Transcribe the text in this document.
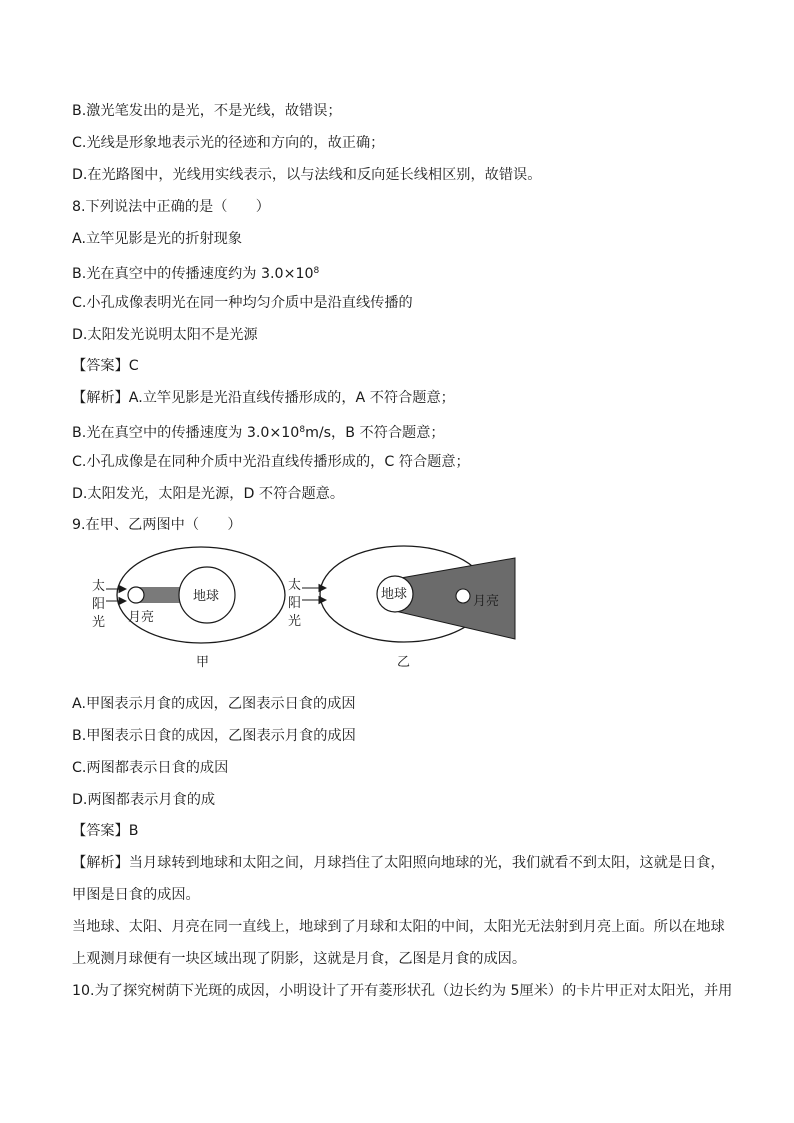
B.激光笔发出的是光，不是光线，故错误；
C.光线是形象地表示光的径迹和方向的，故正确；
D.在光路图中，光线用实线表示，以与法线和反向延长线相区别，故错误。
8.下列说法中正确的是（　　）
A.立竿见影是光的折射现象
B.光在真空中的传播速度约为 $3.0\times 10^8$
C.小孔成像表明光在同一种均匀介质中是沿直线传播的
D.太阳发光说明太阳不是光源
【答案】C
【解析】A.立竿见影是光沿直线传播形成的，A 不符合题意；
B.光在真空中的传播速度为 $3.0\times 10^8m/s$，B 不符合题意；
C.小孔成像是在同种介质中光沿直线传播形成的，C 符合题意；
D.太阳发光，太阳是光源，D 不符合题意。
9.在甲、乙两图中（　　）
地球
月亮
太
阳
光
甲
地球	月亮
太
阳
光
乙
A.甲图表示月食的成因，乙图表示日食的成因
B.甲图表示日食的成因，乙图表示月食的成因
C.两图都表示日食的成因
D.两图都表示月食的成
【答案】B
【解析】当月球转到地球和太阳之间，月球挡住了太阳照向地球的光，我们就看不到太阳，这就是日食，
甲图是日食的成因。
当地球、太阳、月亮在同一直线上，地球到了月球和太阳的中间，太阳光无法射到月亮上面。所以在地球
上观测月球便有一块区域出现了阴影，这就是月食，乙图是月食的成因。
10.为了探究树荫下光斑的成因，小明设计了开有菱形状孔（边长约为 5厘米）的卡片甲正对太阳光，并用
